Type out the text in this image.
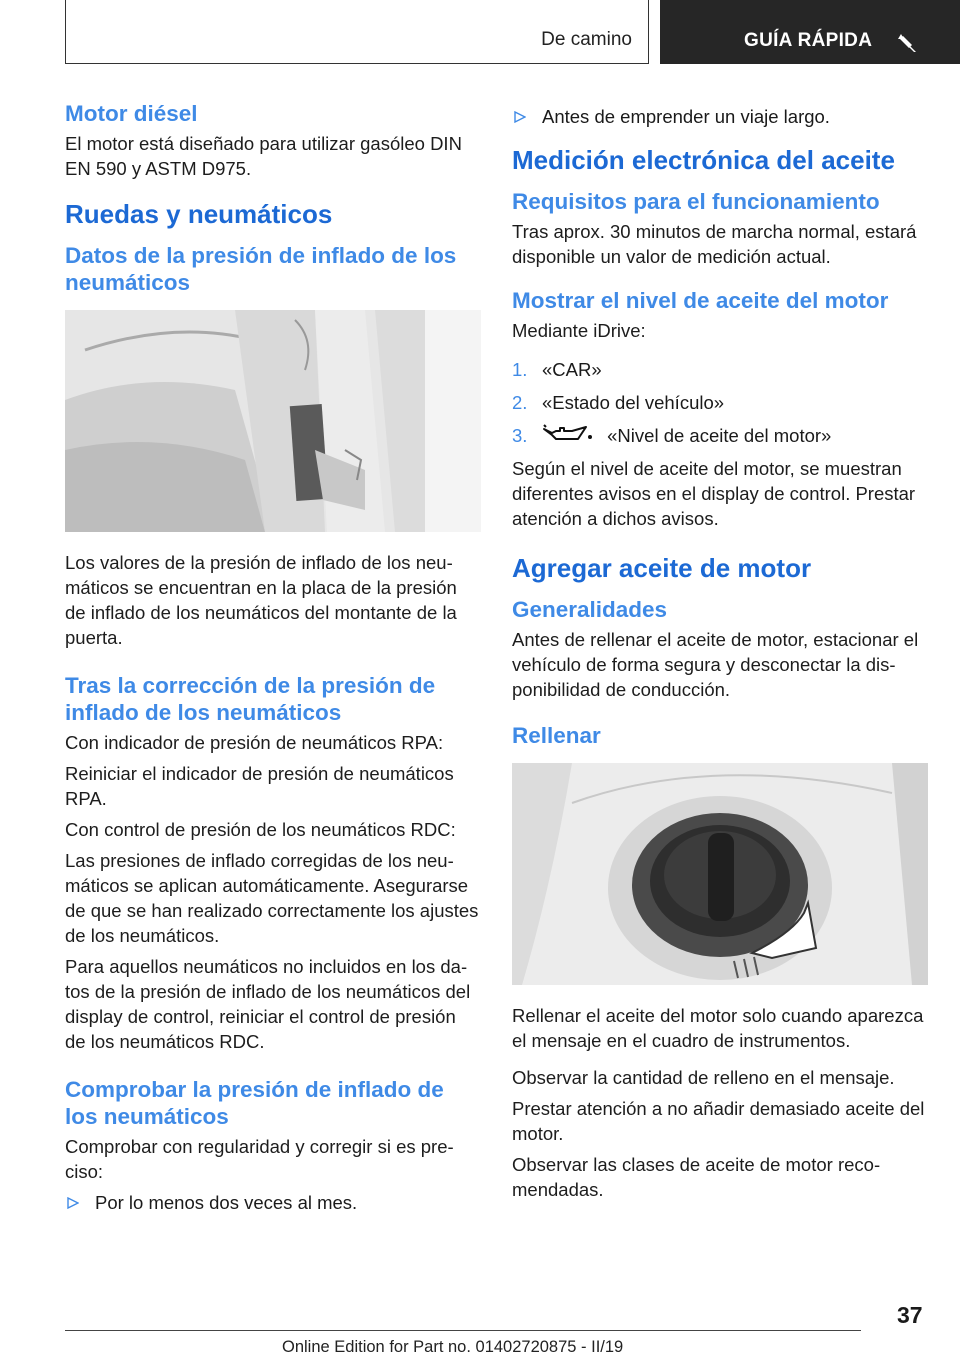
De camino	GUÍA RÁPIDA
Motor diésel
El motor está diseñado para utilizar gasóleo DIN EN 590 y ASTM D975.
Ruedas y neumáticos
Datos de la presión de inflado de los neumáticos
Los valores de la presión de inflado de los neumáticos se encuentran en la placa de la presión de inflado de los neumáticos del montante de la puerta.
Tras la corrección de la presión de inflado de los neumáticos
Con indicador de presión de neumáticos RPA:
Reiniciar el indicador de presión de neumáticos RPA.
Con control de presión de los neumáticos RDC:
Las presiones de inflado corregidas de los neumáticos se aplican automáticamente. Asegurarse de que se han realizado correctamente los ajustes de los neumáticos.
Para aquellos neumáticos no incluidos en los datos de la presión de inflado de los neumáticos del display de control, reiniciar el control de presión de los neumáticos RDC.
Comprobar la presión de inflado de los neumáticos
Comprobar con regularidad y corregir si es preciso:
Por lo menos dos veces al mes.
Antes de emprender un viaje largo.
Medición electrónica del aceite
Requisitos para el funcionamiento
Tras aprox. 30 minutos de marcha normal, estará disponible un valor de medición actual.
Mostrar el nivel de aceite del motor
Mediante iDrive:
1. «CAR»
2. «Estado del vehículo»
3.	«Nivel de aceite del motor»
Según el nivel de aceite del motor, se muestran diferentes avisos en el display de control. Prestar atención a dichos avisos.
Agregar aceite de motor
Generalidades
Antes de rellenar el aceite de motor, estacionar el vehículo de forma segura y desconectar la disponibilidad de conducción.
Rellenar
Rellenar el aceite del motor solo cuando aparezca el mensaje en el cuadro de instrumentos.
Observar la cantidad de relleno en el mensaje.
Prestar atención a no añadir demasiado aceite del motor.
Observar las clases de aceite de motor recomendadas.
37
Online Edition for Part no. 01402720875 - II/19
